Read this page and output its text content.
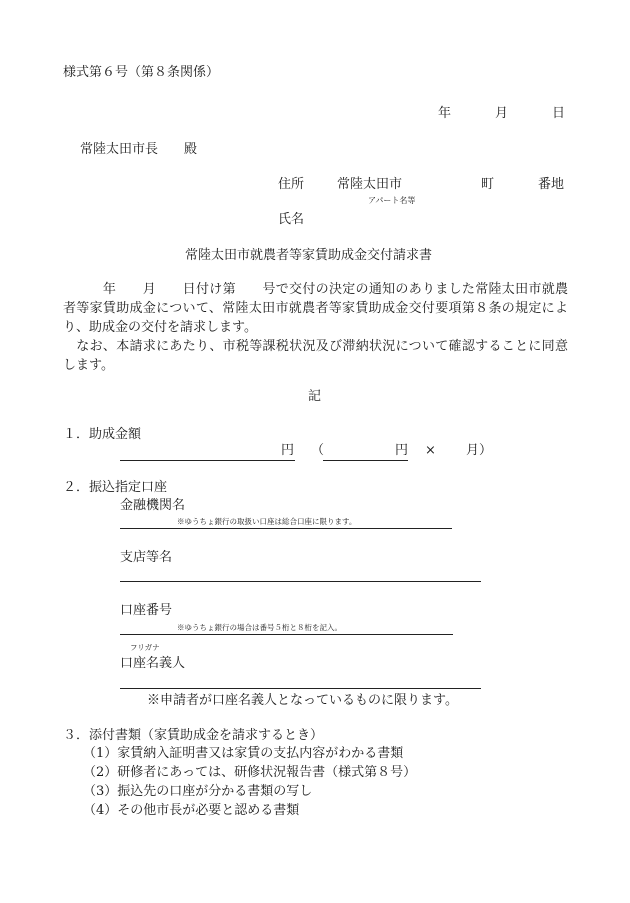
様式第６号（第８条関係）
年	月	日
常陸太田市長　　殿
住所	常陸太田市	町	番地
アパート名等
氏名
常陸太田市就農者等家賃助成金交付請求書
　　　年　　月　　日付け第　　号で交付の決定の通知のありました常陸太田市就農者等家賃助成金について、常陸太田市就農者等家賃助成金交付要項第８条の規定により、助成金の交付を請求します。
　なお、本請求にあたり、市税等課税状況及び滞納状況について確認することに同意します。
記
１．助成金額
円 （	円 × 月）
２．振込指定口座
金融機関名
※ゆうちょ銀行の取扱い口座は総合口座に限ります。
支店等名
口座番号
※ゆうちょ銀行の場合は番号５桁と８桁を記入。
フリガナ
口座名義人
※申請者が口座名義人となっているものに限ります。
３．添付書類（家賃助成金を請求するとき）
（1）家賃納入証明書又は家賃の支払内容がわかる書類
（2）研修者にあっては、研修状況報告書（様式第８号）
（3）振込先の口座が分かる書類の写し
（4）その他市長が必要と認める書類
